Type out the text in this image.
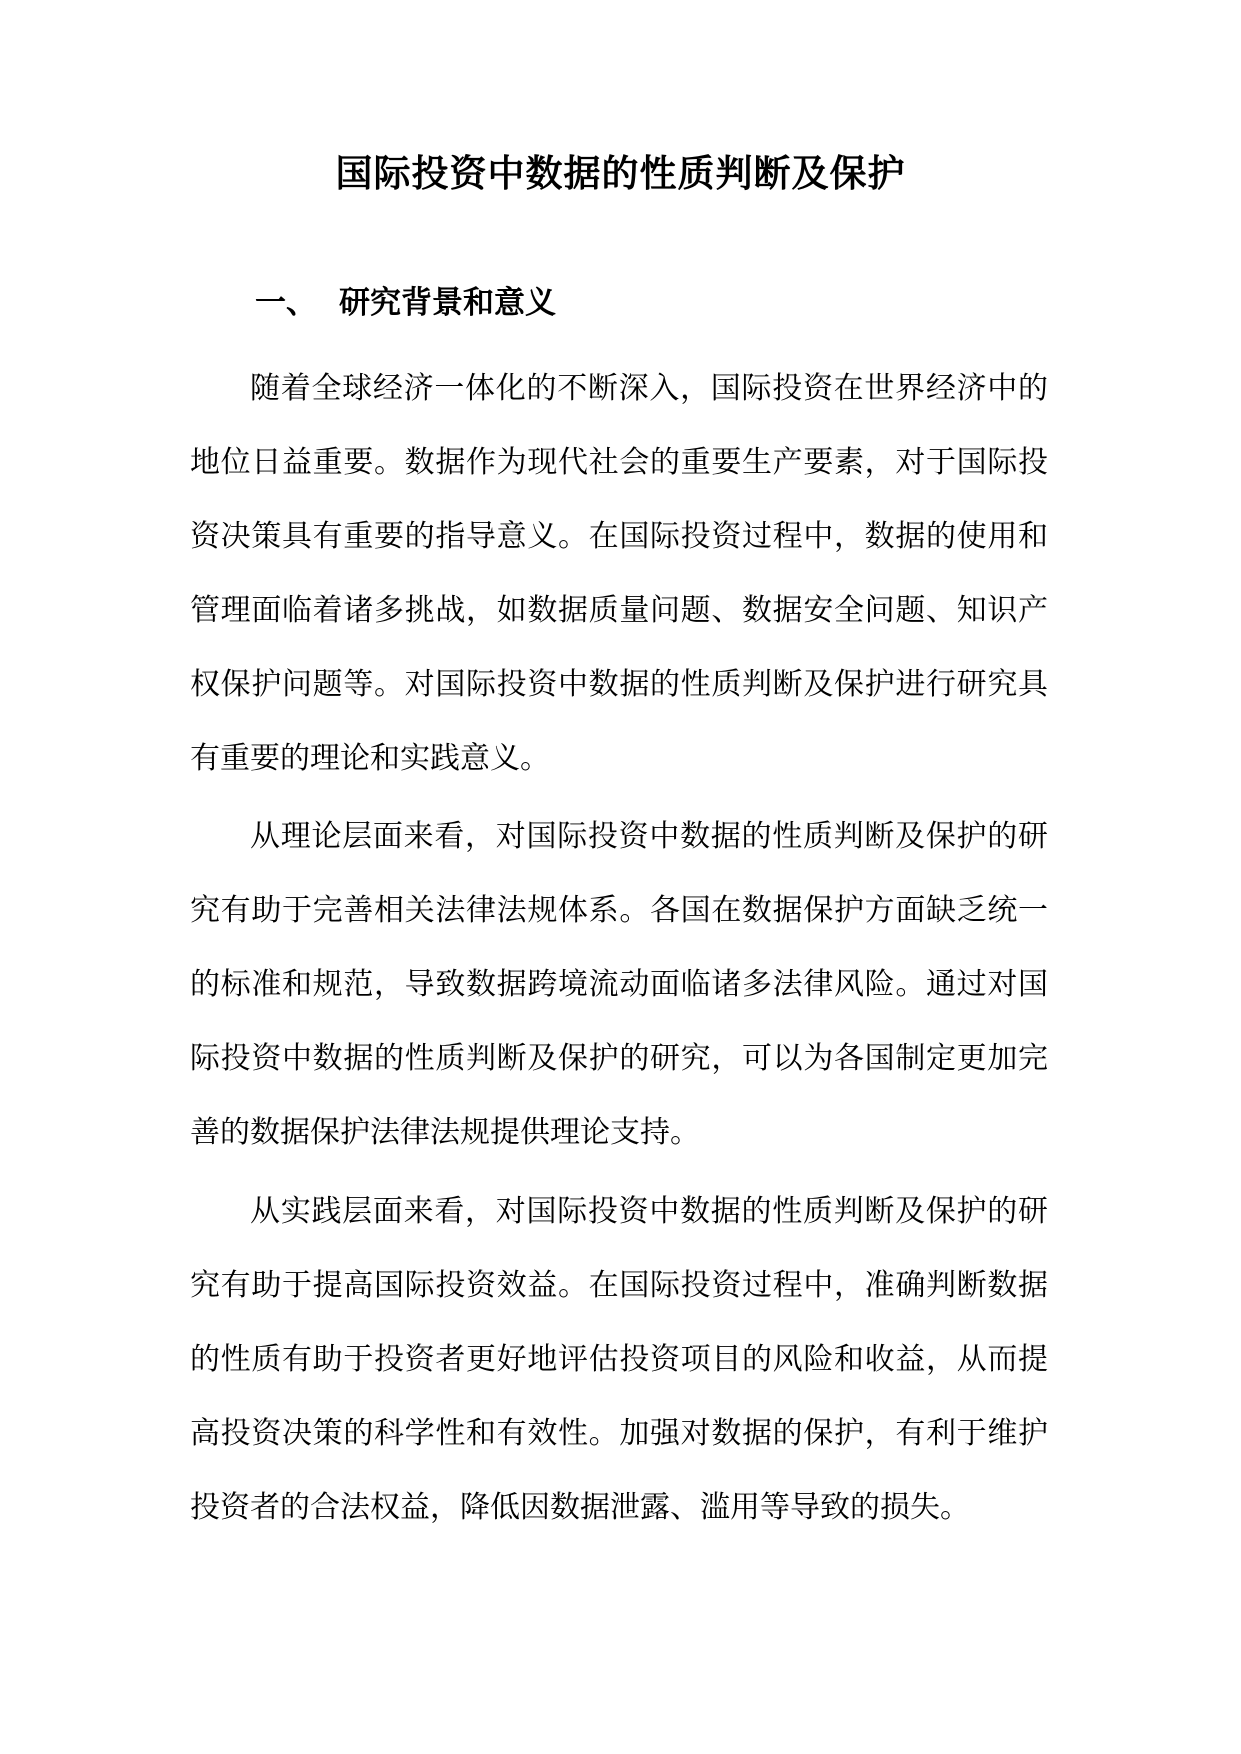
国际投资中数据的性质判断及保护
一、 研究背景和意义

随着全球经济一体化的不断深入，国际投资在世界经济中的地位日益重要。数据作为现代社会的重要生产要素，对于国际投资决策具有重要的指导意义。在国际投资过程中，数据的使用和管理面临着诸多挑战，如数据质量问题、数据安全问题、知识产权保护问题等。对国际投资中数据的性质判断及保护进行研究具有重要的理论和实践意义。

从理论层面来看，对国际投资中数据的性质判断及保护的研究有助于完善相关法律法规体系。各国在数据保护方面缺乏统一的标准和规范，导致数据跨境流动面临诸多法律风险。通过对国际投资中数据的性质判断及保护的研究，可以为各国制定更加完善的数据保护法律法规提供理论支持。

从实践层面来看，对国际投资中数据的性质判断及保护的研究有助于提高国际投资效益。在国际投资过程中，准确判断数据的性质有助于投资者更好地评估投资项目的风险和收益，从而提高投资决策的科学性和有效性。加强对数据的保护，有利于维护投资者的合法权益，降低因数据泄露、滥用等导致的损失。
